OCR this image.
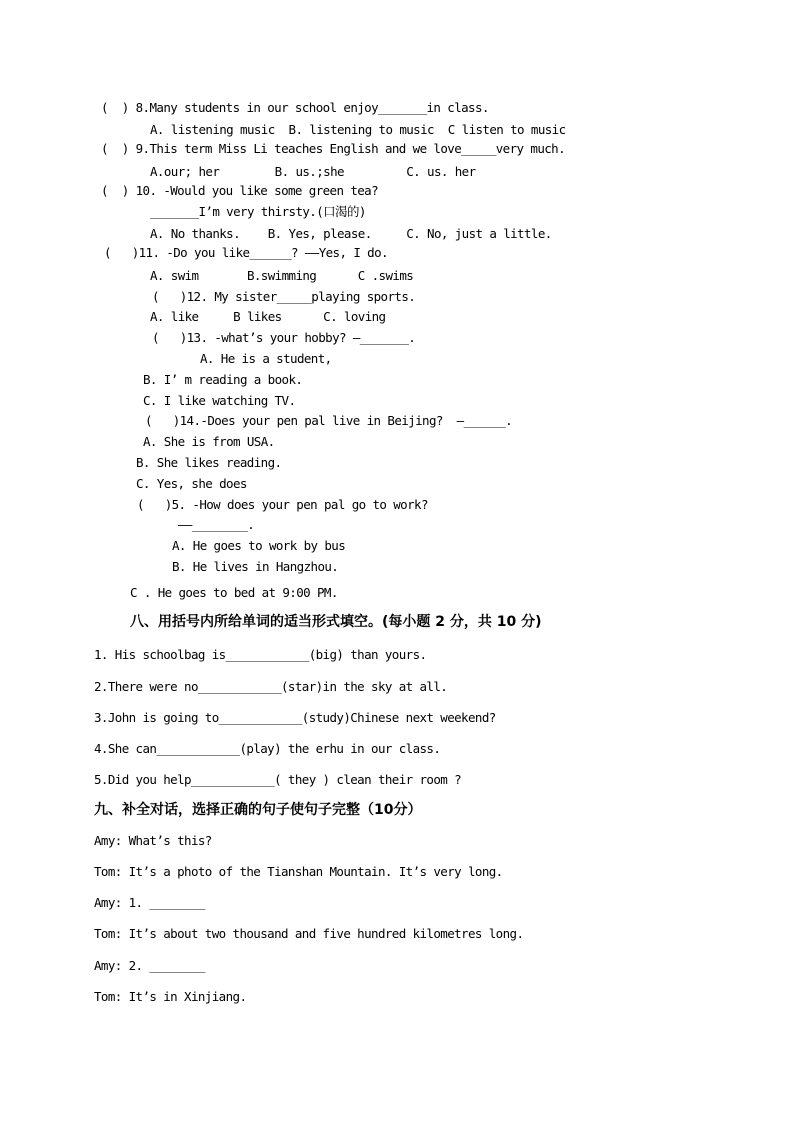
(  ) 8.Many students in our school enjoy_______in class.
A. listening music  B. listening to music  C listen to music
(  ) 9.This term Miss Li teaches English and we love_____very much.
A.our; her        B. us.;she         C. us. her
(  ) 10. -Would you like some green tea?
_______I’m very thirsty.(口渴的)
A. No thanks.    B. Yes, please.     C. No, just a little.
(   )11. -Do you like______? ——Yes, I do.
A. swim       B.swimming      C .swims
(   )12. My sister_____playing sports.
A. like     B likes      C. loving
(   )13. -what’s your hobby? —_______.
A. He is a student,
B. I’ m reading a book.
C. I like watching TV.
(   )14.-Does your pen pal live in Beijing?  —______.
A. She is from USA.
B. She likes reading.
C. Yes, she does
(   )5. -How does your pen pal go to work?
——________.
A. He goes to work by bus
B. He lives in Hangzhou.
C . He goes to bed at 9:00 PM.
八、用括号内所给单词的适当形式填空。(每小题 2 分，共 10 分)
1. His schoolbag is____________(big) than yours.
2.There were no____________(star)in the sky at all.
3.John is going to____________(study)Chinese next weekend?
4.She can____________(play) the erhu in our class.
5.Did you help____________( they ) clean their room ?
九、补全对话，选择正确的句子使句子完整（10分）
Amy: What’s this?
Tom: It’s a photo of the Tianshan Mountain. It’s very long.
Amy: 1. ________
Tom: It’s about two thousand and five hundred kilometres long.
Amy: 2. ________
Tom: It’s in Xinjiang.
